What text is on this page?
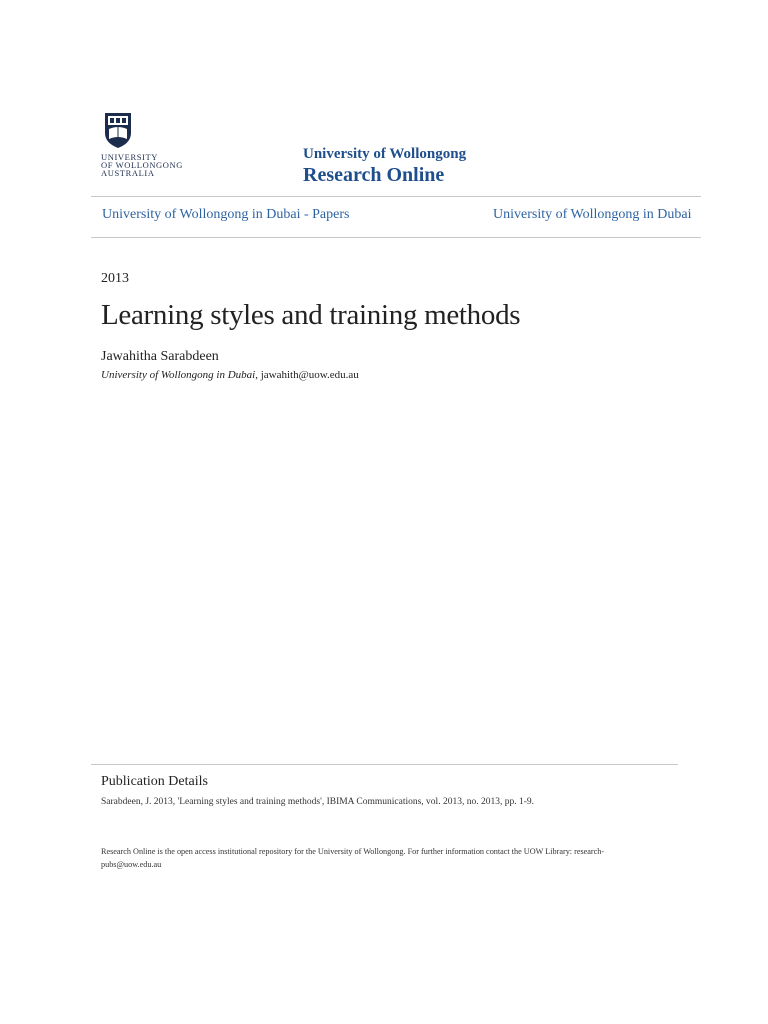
UNIVERSITY
OF WOLLONGONG
AUSTRALIA
University of Wollongong
Research Online
University of Wollongong in Dubai - Papers	University of Wollongong in Dubai
2013
Learning styles and training methods
Jawahitha Sarabdeen
University of Wollongong in Dubai, jawahith@uow.edu.au
Publication Details
Sarabdeen, J. 2013, 'Learning styles and training methods', IBIMA Communications, vol. 2013, no. 2013, pp. 1-9.
Research Online is the open access institutional repository for the University of Wollongong. For further information contact the UOW Library: research-pubs@uow.edu.au
